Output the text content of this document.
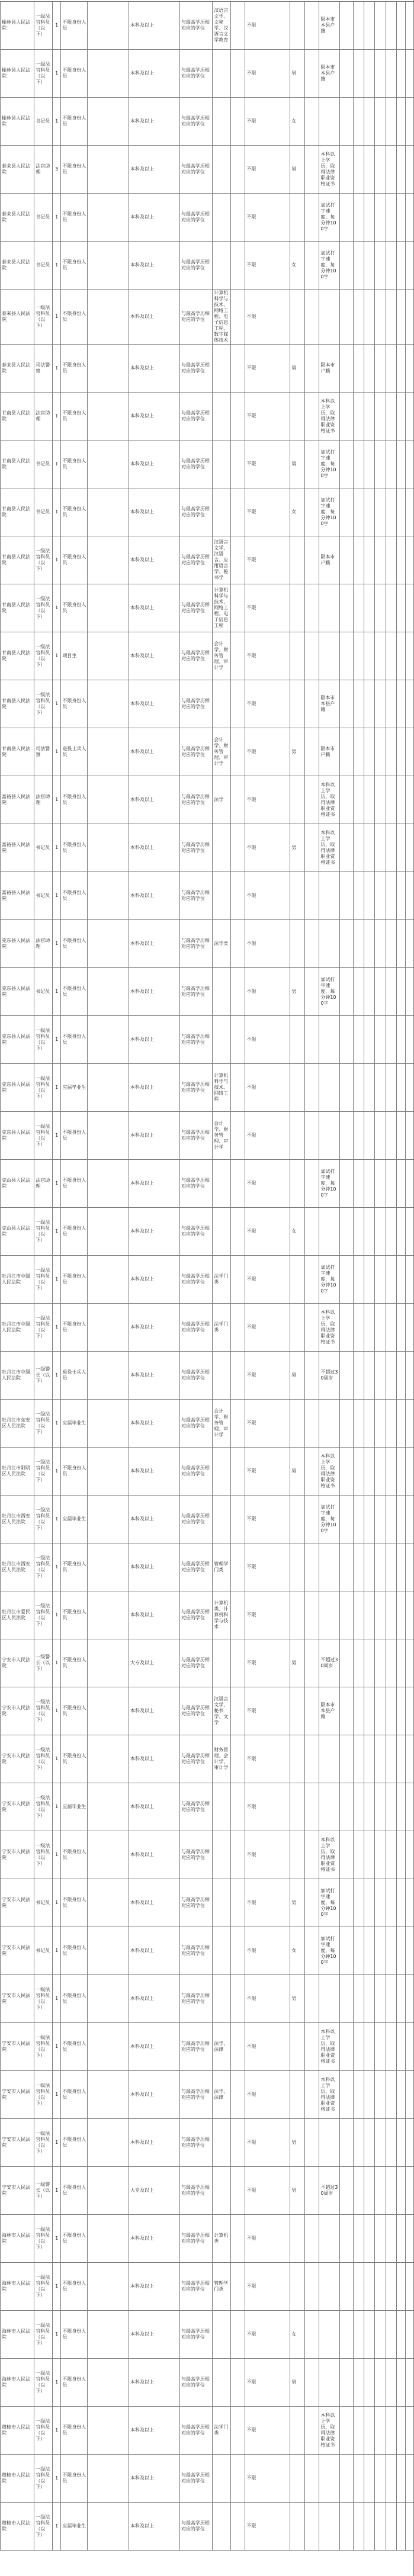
榆林县人民法院	一级法官科员（以下）	1	不限身份人员		本科及以上	与最高学历相对应的学位	汉语言文学、文秘学、汉语言文学教育		不限			限本市本县户籍							
榆林县人民法院	一级法官科员（以下）	1	不限身份人员		本科及以上	与最高学历相对应的学位			不限	男		限本市本县户籍							
榆林县人民法院	书记员	1	不限身份人员		本科及以上	与最高学历相对应的学位			不限	女									
泰来县人民法院	法官助理	3	不限身份人员		本科及以上	与最高学历相对应的学位			不限	男		本科以上学历，取得法律职业资格证书							
泰来县人民法院	书记员	1	不限身份人员		本科及以上	与最高学历相对应的学位			不限			加试打字速度，每分钟100字							
泰来县人民法院	书记员	1	不限身份人员		本科及以上	与最高学历相对应的学位			不限	女		加试打字速度，每分钟100字							
泰来县人民法院	一级法官科员（以下）	1	不限身份人员		本科及以上	与最高学历相对应的学位	计算机科学与技术、网络工程、电子信息工程、数字媒体技术		不限										
泰来县人民法院	司法警察	1	不限身份人员		本科及以上	与最高学历相对应的学位			不限	男		限本市户籍							
甘南县人民法院	法官助理	1	不限身份人员		本科及以上	与最高学历相对应的学位			不限			本科以上学历，取得法律职业资格证书							
甘南县人民法院	书记员	1	不限身份人员		本科及以上	与最高学历相对应的学位			不限	男		加试打字速度，每分钟100字							
甘南县人民法院	书记员	1	不限身份人员		本科及以上	与最高学历相对应的学位			不限	女		加试打字速度，每分钟100字							
甘南县人民法院	一级法官科员（以下）	1	不限身份人员		本科及以上	与最高学历相对应的学位	汉语言文学、汉语言、应用语言学、秘书学		不限			限本市户籍							
甘南县人民法院	一级法官科员（以下）	1	不限身份人员		本科及以上	与最高学历相对应的学位	计算机科学与技术、网络工程、电子信息工程		不限										
甘南县人民法院	一级法官科员（以下）	1	项目生		本科及以上	与最高学历相对应的学位	会计学、财务管理、审计学		不限										
甘南县人民法院	一级法官科员（以下）	1	不限身份人员		本科及以上	与最高学历相对应的学位			不限			限本市本县户籍							
甘南县人民法院	司法警察	1	退役士兵人员		本科及以上	与最高学历相对应的学位	会计学、财务管理、审计学		不限	男		限本市户籍							
富裕县人民法院	法官助理	1	不限身份人员		本科及以上	与最高学历相对应的学位	法学		不限			本科以上学历，取得法律职业资格证书							
富裕县人民法院	书记员	1	不限身份人员		本科及以上	与最高学历相对应的学位			不限	男		本科以上学历，取得法律职业资格证书							
富裕县人民法院	书记员	1	不限身份人员		本科及以上	与最高学历相对应的学位			不限										
克东县人民法院	法官助理	1	不限身份人员		本科及以上	与最高学历相对应的学位	法学类		不限										
克东县人民法院	书记员	1	不限身份人员		本科及以上	与最高学历相对应的学位			不限	男		加试打字速度，每分钟100字							
克东县人民法院	一级法官科员（以下）	1	不限身份人员		本科及以上	与最高学历相对应的学位			不限										
克东县人民法院	一级法官科员（以下）	1	应届毕业生		本科及以上	与最高学历相对应的学位	计算机科学与技术、网络工程		不限										
克东县人民法院	一级法官科员（以下）	1	不限身份人员		本科及以上	与最高学历相对应的学位	会计学、财务管理、审计学		不限										
克山县人民法院	法官助理	1	不限身份人员		本科及以上	与最高学历相对应的学位			不限			加试打字速度，每分钟100字							
克山县人民法院	一级法官科员（以下）	1	不限身份人员		本科及以上	与最高学历相对应的学位			不限	女									
牡丹江市中级人民法院	一级法官科员（以下）	1	不限身份人员		本科及以上	与最高学历相对应的学位	法学门类		不限			加试打字速度，每分钟100字							
牡丹江市中级人民法院	一级法官科员（以下）	1	不限身份人员		本科及以上	与最高学历相对应的学位	法学门类		不限			本科以上学历，取得法律职业资格证书							
牡丹江市中级人民法院	一级警长（以下）	1	退役士兵人员		本科及以上	与最高学历相对应的学位			不限	男		不超过30周岁							
牡丹江市东安区人民法院	一级法官科员（以下）	1	应届毕业生		本科及以上	与最高学历相对应的学位	会计学、财务管理、审计学		不限										
牡丹江市阳明区人民法院	一级法官科员（以下）	1	不限身份人员		本科及以上	与最高学历相对应的学位			不限	男		本科以上学历，取得法律职业资格证书							
牡丹江市西安区人民法院	一级法官科员（以下）	1	应届毕业生		本科及以上	与最高学历相对应的学位			不限			加试打字速度，每分钟100字							
牡丹江市西安区人民法院	一级法官科员（以下）	1	不限身份人员		本科及以上	与最高学历相对应的学位	管理学门类		不限										
牡丹江市爱民区人民法院	一级法官科员（以下）	1	不限身份人员		本科及以上	与最高学历相对应的学位	计算机类、计算机科学与技术		不限										
宁安市人民法院	一级警长（以下）	1	不限身份人员		大专及以上	与最高学历相对应的学位			不限	男		不超过30周岁							
宁安市人民法院	一级法官科员（以下）	1	不限身份人员		本科及以上	与最高学历相对应的学位	汉语言文学、秘书学、文学		不限			限本市本县户籍							
宁安市人民法院	一级法官科员（以下）	1	不限身份人员		本科及以上	与最高学历相对应的学位	财务管理、会计学、审计学		不限										
宁安市人民法院	一级法官科员（以下）	1	应届毕业生		本科及以上	与最高学历相对应的学位			不限										
宁安市人民法院	一级法官科员（以下）	1	不限身份人员		本科及以上	与最高学历相对应的学位			不限			本科以上学历，取得法律职业资格证书							
宁安市人民法院	书记员	1	不限身份人员		本科及以上	与最高学历相对应的学位			不限	男		加试打字速度，每分钟100字							
宁安市人民法院	书记员	1	不限身份人员		本科及以上	与最高学历相对应的学位			不限	女		加试打字速度，每分钟100字							
宁安市人民法院	一级法官科员（以下）	1	不限身份人员		本科及以上	与最高学历相对应的学位			不限	男									
宁安市人民法院	一级法官科员（以下）	1	不限身份人员		本科及以上	与最高学历相对应的学位	法学、法律		不限			本科以上学历，取得法律职业资格证书							
宁安市人民法院	一级法官科员（以下）	1	不限身份人员		本科及以上	与最高学历相对应的学位	法学、法律		不限			本科以上学历，取得法律职业资格证书							
宁安市人民法院	一级法官科员（以下）	1	不限身份人员		本科及以上	与最高学历相对应的学位			不限	男									
宁安市人民法院	一级警长（以下）	1	不限身份人员		大专及以上	与最高学历相对应的学位			不限	男		不超过30周岁							
海林市人民法院	一级法官科员（以下）	1	不限身份人员		本科及以上	与最高学历相对应的学位	计算机类		不限										
海林市人民法院	一级法官科员（以下）	1	不限身份人员		本科及以上	与最高学历相对应的学位	管理学门类		不限										
海林市人民法院	一级法官科员（以下）	1	不限身份人员		本科及以上	与最高学历相对应的学位			不限	女									
海林市人民法院	一级法官科员（以下）	1	不限身份人员		本科及以上	与最高学历相对应的学位			不限	男									
穆棱市人民法院	一级法官科员（以下）	1	不限身份人员		本科及以上	与最高学历相对应的学位	法学门类		不限			本科以上学历，取得法律职业资格证书							
穆棱市人民法院	一级法官科员（以下）	1	不限身份人员		本科及以上	与最高学历相对应的学位			不限										
穆棱市人民法院	一级法官科员（以下）	1	应届毕业生		本科及以上	与最高学历相对应的学位			不限										
